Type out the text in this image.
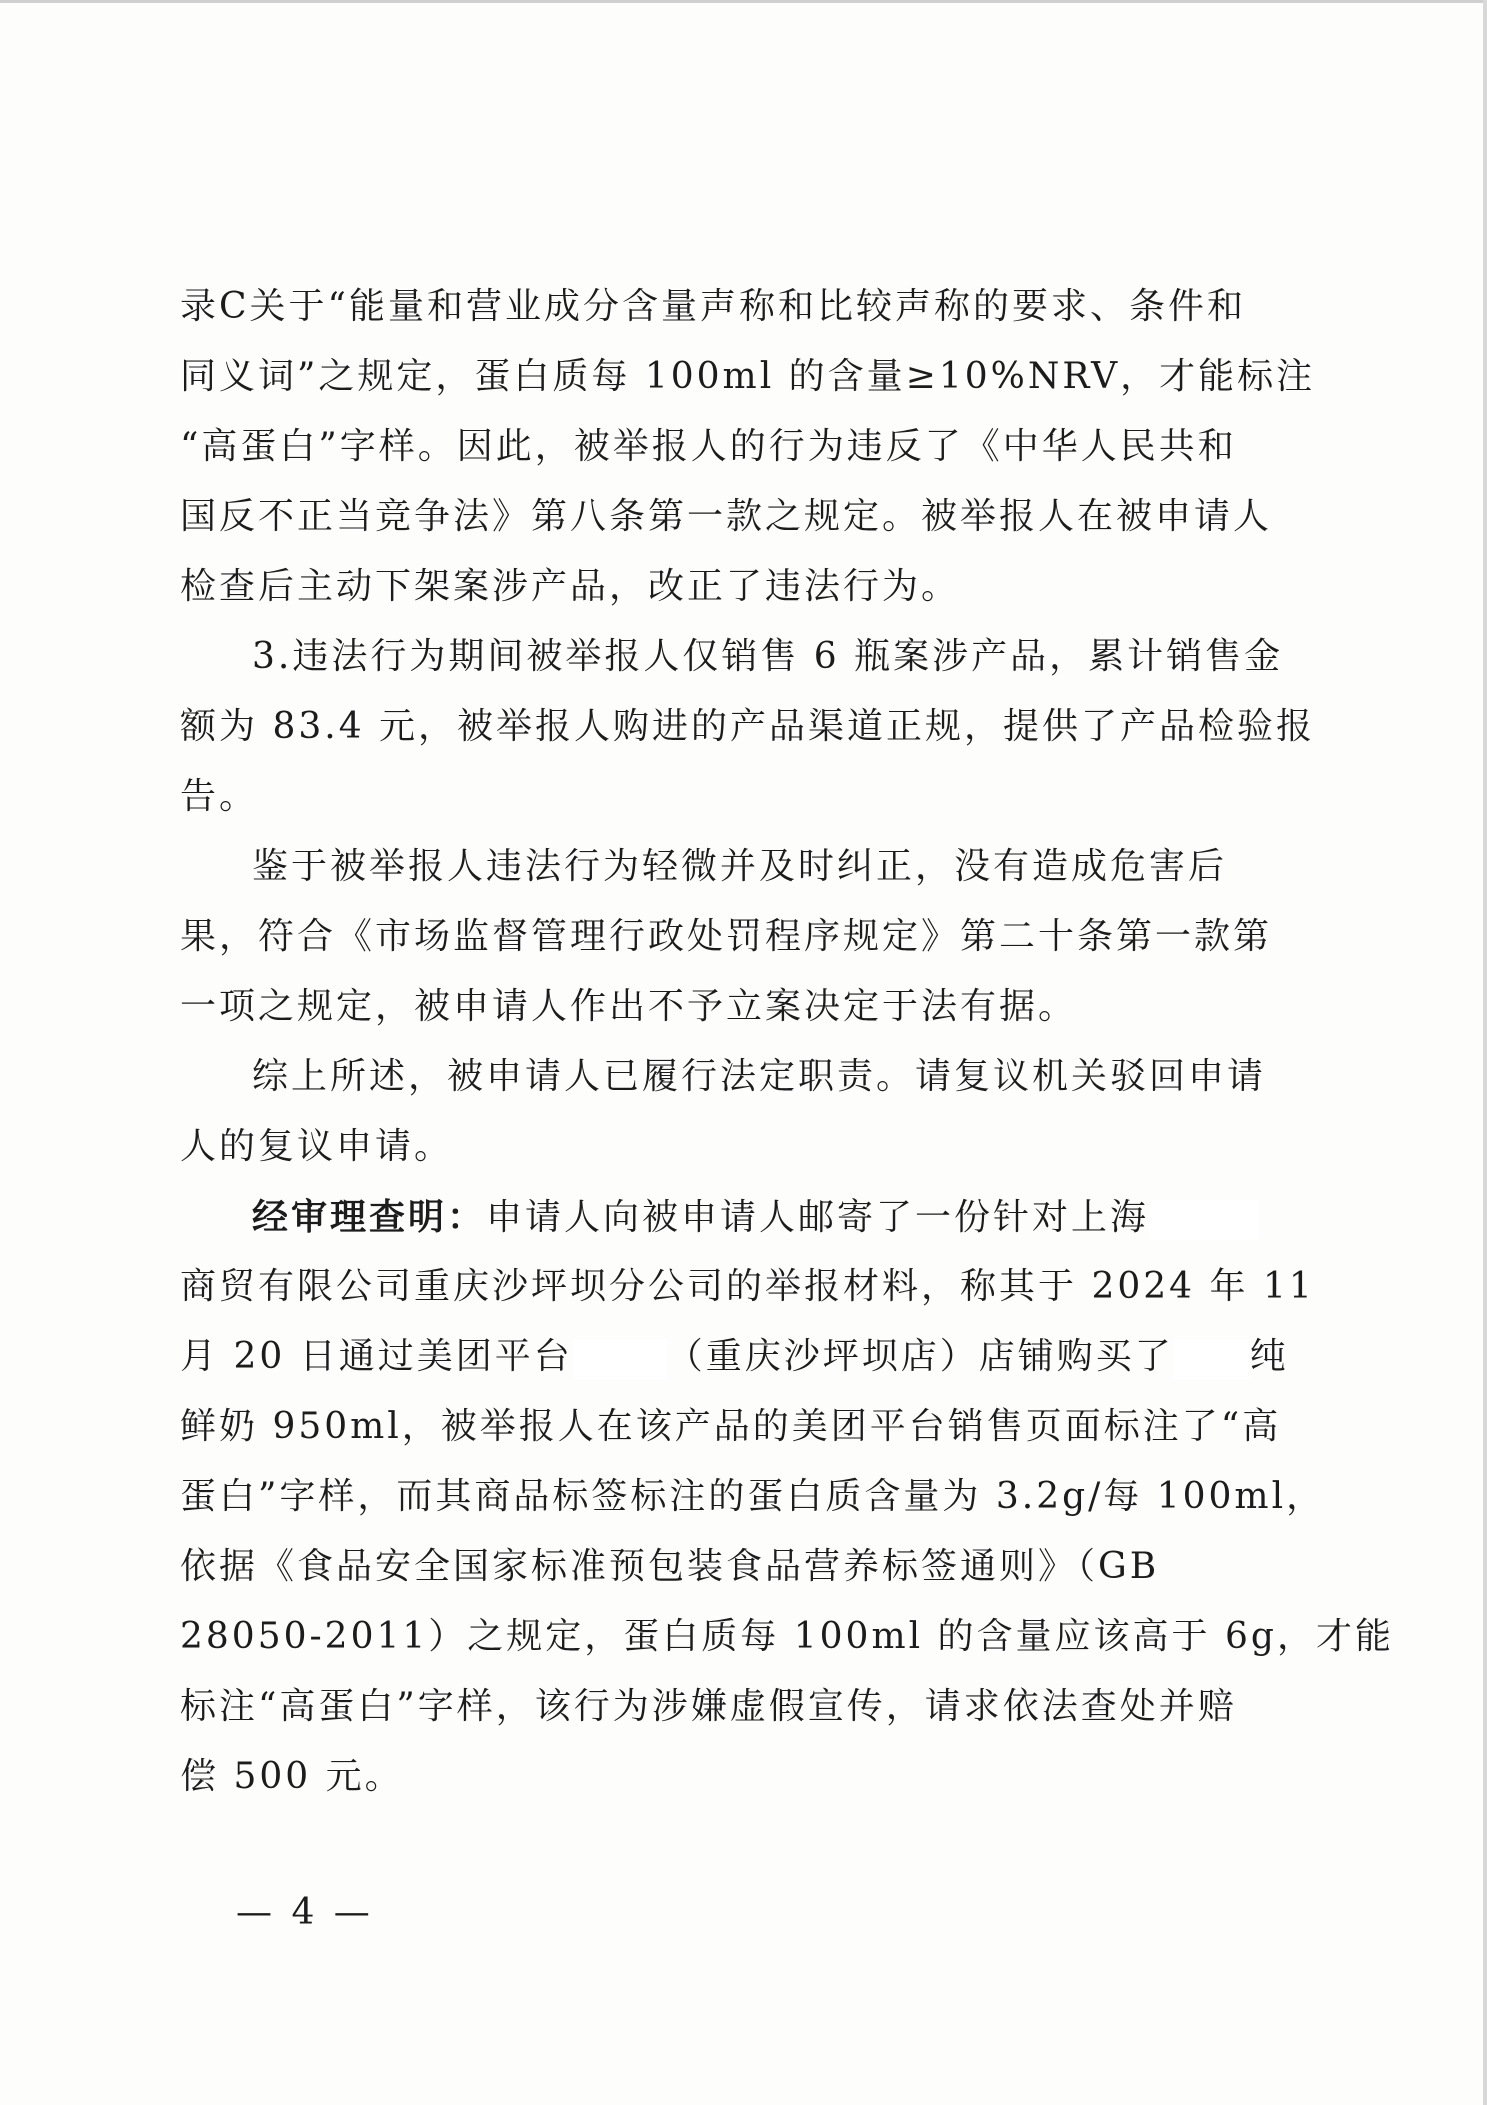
录C关于“能量和营业成分含量声称和比较声称的要求、条件和

同义词”之规定，蛋白质每 100ml 的含量≥10%NRV，才能标注

“高蛋白”字样。因此，被举报人的行为违反了《中华人民共和

国反不正当竞争法》第八条第一款之规定。被举报人在被申请人

检查后主动下架案涉产品，改正了违法行为。

3.违法行为期间被举报人仅销售 6 瓶案涉产品，累计销售金

额为 83.4 元，被举报人购进的产品渠道正规，提供了产品检验报

告。

鉴于被举报人违法行为轻微并及时纠正，没有造成危害后

果，符合《市场监督管理行政处罚程序规定》第二十条第一款第

一项之规定，被申请人作出不予立案决定于法有据。

综上所述，被申请人已履行法定职责。请复议机关驳回申请

人的复议申请。

经审理查明：申请人向被申请人邮寄了一份针对上海

商贸有限公司重庆沙坪坝分公司的举报材料，称其于 2024 年 11

月 20 日通过美团平台	（重庆沙坪坝店）店铺购买了 纯

鲜奶 950ml，被举报人在该产品的美团平台销售页面标注了“高

蛋白”字样，而其商品标签标注的蛋白质含量为 3.2g/每 100ml，

依据《食品安全国家标准预包装食品营养标签通则》（GB

28050-2011）之规定，蛋白质每 100ml 的含量应该高于 6g，才能

标注“高蛋白”字样，该行为涉嫌虚假宣传，请求依法查处并赔

偿 500 元。

— 4 —
